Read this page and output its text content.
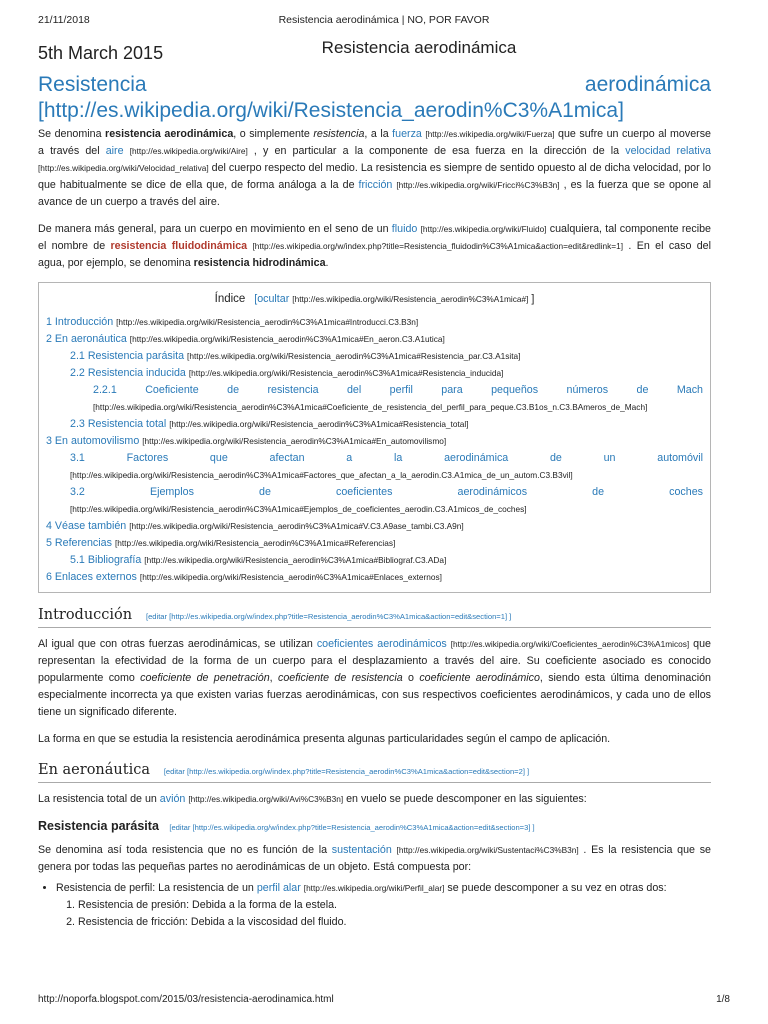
21/11/2018	Resistencia aerodinámica | NO, POR FAVOR
5th March 2015	Resistencia aerodinámica
Resistencia	aerodinámica
[http://es.wikipedia.org/wiki/Resistencia_aerodin%C3%A1mica]

Se denomina resistencia aerodinámica, o simplemente resistencia, a la fuerza [http://es.wikipedia.org/wiki/Fuerza] que sufre un cuerpo al moverse a través del aire [http://es.wikipedia.org/wiki/Aire] , y en particular a la componente de esa fuerza en la dirección de la velocidad relativa [http://es.wikipedia.org/wiki/Velocidad_relativa] del cuerpo respecto del medio. La resistencia es siempre de sentido opuesto al de dicha velocidad, por lo que habitualmente se dice de ella que, de forma análoga a la de fricción [http://es.wikipedia.org/wiki/Fricci%C3%B3n] , es la fuerza que se opone al avance de un cuerpo a través del aire.

De manera más general, para un cuerpo en movimiento en el seno de un fluido [http://es.wikipedia.org/wiki/Fluido] cualquiera, tal componente recibe el nombre de resistencia fluidodinámica [http://es.wikipedia.org/w/index.php?title=Resistencia_fluidodin%C3%A1mica&action=edit&redlink=1] . En el caso del agua, por ejemplo, se denomina resistencia hidrodinámica.

Índice [ocultar [http://es.wikipedia.org/wiki/Resistencia_aerodin%C3%A1mica#] ]
1 Introducción [http://es.wikipedia.org/wiki/Resistencia_aerodin%C3%A1mica#Introducci.C3.B3n]
2 En aeronáutica [http://es.wikipedia.org/wiki/Resistencia_aerodin%C3%A1mica#En_aeron.C3.A1utica]
2.1 Resistencia parásita [http://es.wikipedia.org/wiki/Resistencia_aerodin%C3%A1mica#Resistencia_par.C3.A1sita]
2.2 Resistencia inducida [http://es.wikipedia.org/wiki/Resistencia_aerodin%C3%A1mica#Resistencia_inducida]
2.2.1 Coeficiente de resistencia del perfil para pequeños números de Mach [http://es.wikipedia.org/wiki/Resistencia_aerodin%C3%A1mica#Coeficiente_de_resistencia_del_perfil_para_peque.C3.B1os_n.C3.BAmeros_de_Mach]
2.3 Resistencia total [http://es.wikipedia.org/wiki/Resistencia_aerodin%C3%A1mica#Resistencia_total]
3 En automovilismo [http://es.wikipedia.org/wiki/Resistencia_aerodin%C3%A1mica#En_automovilismo]
3.1 Factores que afectan a la aerodinámica de un automóvil [http://es.wikipedia.org/wiki/Resistencia_aerodin%C3%A1mica#Factores_que_afectan_a_la_aerodin.C3.A1mica_de_un_autom.C3.B3vil]
3.2 Ejemplos de coeficientes aerodinámicos de coches [http://es.wikipedia.org/wiki/Resistencia_aerodin%C3%A1mica#Ejemplos_de_coeficientes_aerodin.C3.A1micos_de_coches]
4 Véase también [http://es.wikipedia.org/wiki/Resistencia_aerodin%C3%A1mica#V.C3.A9ase_tambi.C3.A9n]
5 Referencias [http://es.wikipedia.org/wiki/Resistencia_aerodin%C3%A1mica#Referencias]
5.1 Bibliografía [http://es.wikipedia.org/wiki/Resistencia_aerodin%C3%A1mica#Bibliograf.C3.ADa]
6 Enlaces externos [http://es.wikipedia.org/wiki/Resistencia_aerodin%C3%A1mica#Enlaces_externos]
Introducción [editar [http://es.wikipedia.org/w/index.php?title=Resistencia_aerodin%C3%A1mica&action=edit&section=1] ]

Al igual que con otras fuerzas aerodinámicas, se utilizan coeficientes aerodinámicos [http://es.wikipedia.org/wiki/Coeficientes_aerodin%C3%A1micos] que representan la efectividad de la forma de un cuerpo para el desplazamiento a través del aire. Su coeficiente asociado es conocido popularmente como coeficiente de penetración, coeficiente de resistencia o coeficiente aerodinámico, siendo esta última denominación especialmente incorrecta ya que existen varias fuerzas aerodinámicas, con sus respectivos coeficientes aerodinámicos, y cada uno de ellos tiene un significado diferente.

La forma en que se estudia la resistencia aerodinámica presenta algunas particularidades según el campo de aplicación.

En aeronáutica [editar [http://es.wikipedia.org/w/index.php?title=Resistencia_aerodin%C3%A1mica&action=edit&section=2] ]

La resistencia total de un avión [http://es.wikipedia.org/wiki/Avi%C3%B3n] en vuelo se puede descomponer en las siguientes:

Resistencia parásita [editar [http://es.wikipedia.org/w/index.php?title=Resistencia_aerodin%C3%A1mica&action=edit&section=3] ]

Se denomina así toda resistencia que no es función de la sustentación [http://es.wikipedia.org/wiki/Sustentaci%C3%B3n] . Es la resistencia que se genera por todas las pequeñas partes no aerodinámicas de un objeto. Está compuesta por:

• Resistencia de perfil: La resistencia de un perfil alar [http://es.wikipedia.org/wiki/Perfil_alar] se puede descomponer a su vez en otras dos:
1. Resistencia de presión: Debida a la forma de la estela.
2. Resistencia de fricción: Debida a la viscosidad del fluido.
http://noporfa.blogspot.com/2015/03/resistencia-aerodinamica.html	1/8
